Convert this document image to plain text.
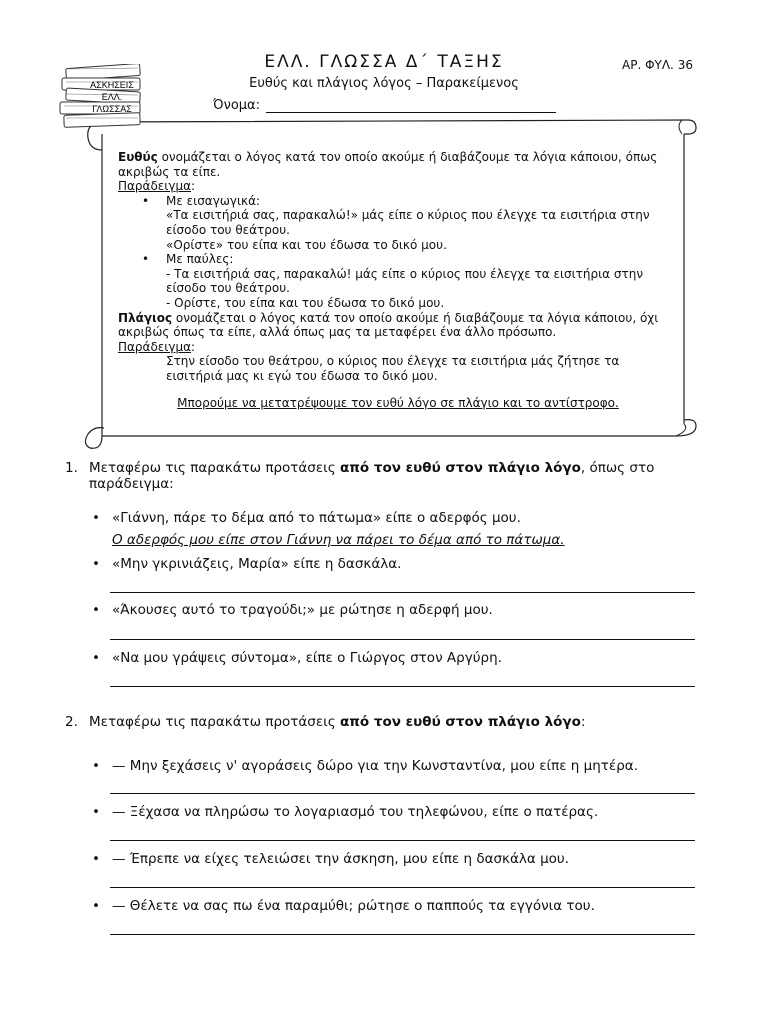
ΑΣΚΗΣΕΙΣ
ΕΛΛ.
ΓΛΩΣΣΑΣ
ΕΛΛ. ΓΛΩΣΣΑ Δ΄ ΤΑΞΗΣ	ΑΡ. ΦΥΛ. 36
Ευθύς και πλάγιος λόγος – Παρακείμενος
Όνομα:

Ευθύς ονομάζεται ο λόγος κατά τον οποίο ακούμε ή διαβάζουμε τα λόγια κάποιου, όπως

ακριβώς τα είπε.

Παράδειγμα:

• Με εισαγωγικά:

«Τα εισιτήριά σας, παρακαλώ!» μάς είπε ο κύριος που έλεγχε τα εισιτήρια στην

είσοδο του θεάτρου.

«Ορίστε» του είπα και του έδωσα το δικό μου.

• Με παύλες:

- Τα εισιτήριά σας, παρακαλώ! μάς είπε ο κύριος που έλεγχε τα εισιτήρια στην

είσοδο του θεάτρου.

- Ορίστε, του είπα και του έδωσα το δικό μου.

Πλάγιος ονομάζεται ο λόγος κατά τον οποίο ακούμε ή διαβάζουμε τα λόγια κάποιου, όχι

ακριβώς όπως τα είπε, αλλά όπως μας τα μεταφέρει ένα άλλο πρόσωπο.

Παράδειγμα:

Στην είσοδο του θεάτρου, ο κύριος που έλεγχε τα εισιτήρια μάς ζήτησε τα

εισιτήριά μας κι εγώ του έδωσα το δικό μου.

Μπορούμε να μετατρέψουμε τον ευθύ λόγο σε πλάγιο και το αντίστροφο.

1. Μεταφέρω τις παρακάτω προτάσεις από τον ευθύ στον πλάγιο λόγο, όπως στο
παράδειγμα:
• «Γιάννη, πάρε το δέμα από το πάτωμα» είπε ο αδερφός μου.
Ο αδερφός μου είπε στον Γιάννη να πάρει το δέμα από το πάτωμα.
• «Μην γκρινιάζεις, Μαρία» είπε η δασκάλα.
• «Άκουσες αυτό το τραγούδι;» με ρώτησε η αδερφή μου.
• «Να μου γράψεις σύντομα», είπε ο Γιώργος στον Αργύρη.
2. Μεταφέρω τις παρακάτω προτάσεις από τον ευθύ στον πλάγιο λόγο:
• — Μην ξεχάσεις ν' αγοράσεις δώρο για την Κωνσταντίνα, μου είπε η μητέρα.
• — Ξέχασα να πληρώσω το λογαριασμό του τηλεφώνου, είπε ο πατέρας.
• — Έπρεπε να είχες τελειώσει την άσκηση, μου είπε η δασκάλα μου.
• — Θέλετε να σας πω ένα παραμύθι; ρώτησε ο παππούς τα εγγόνια του.
